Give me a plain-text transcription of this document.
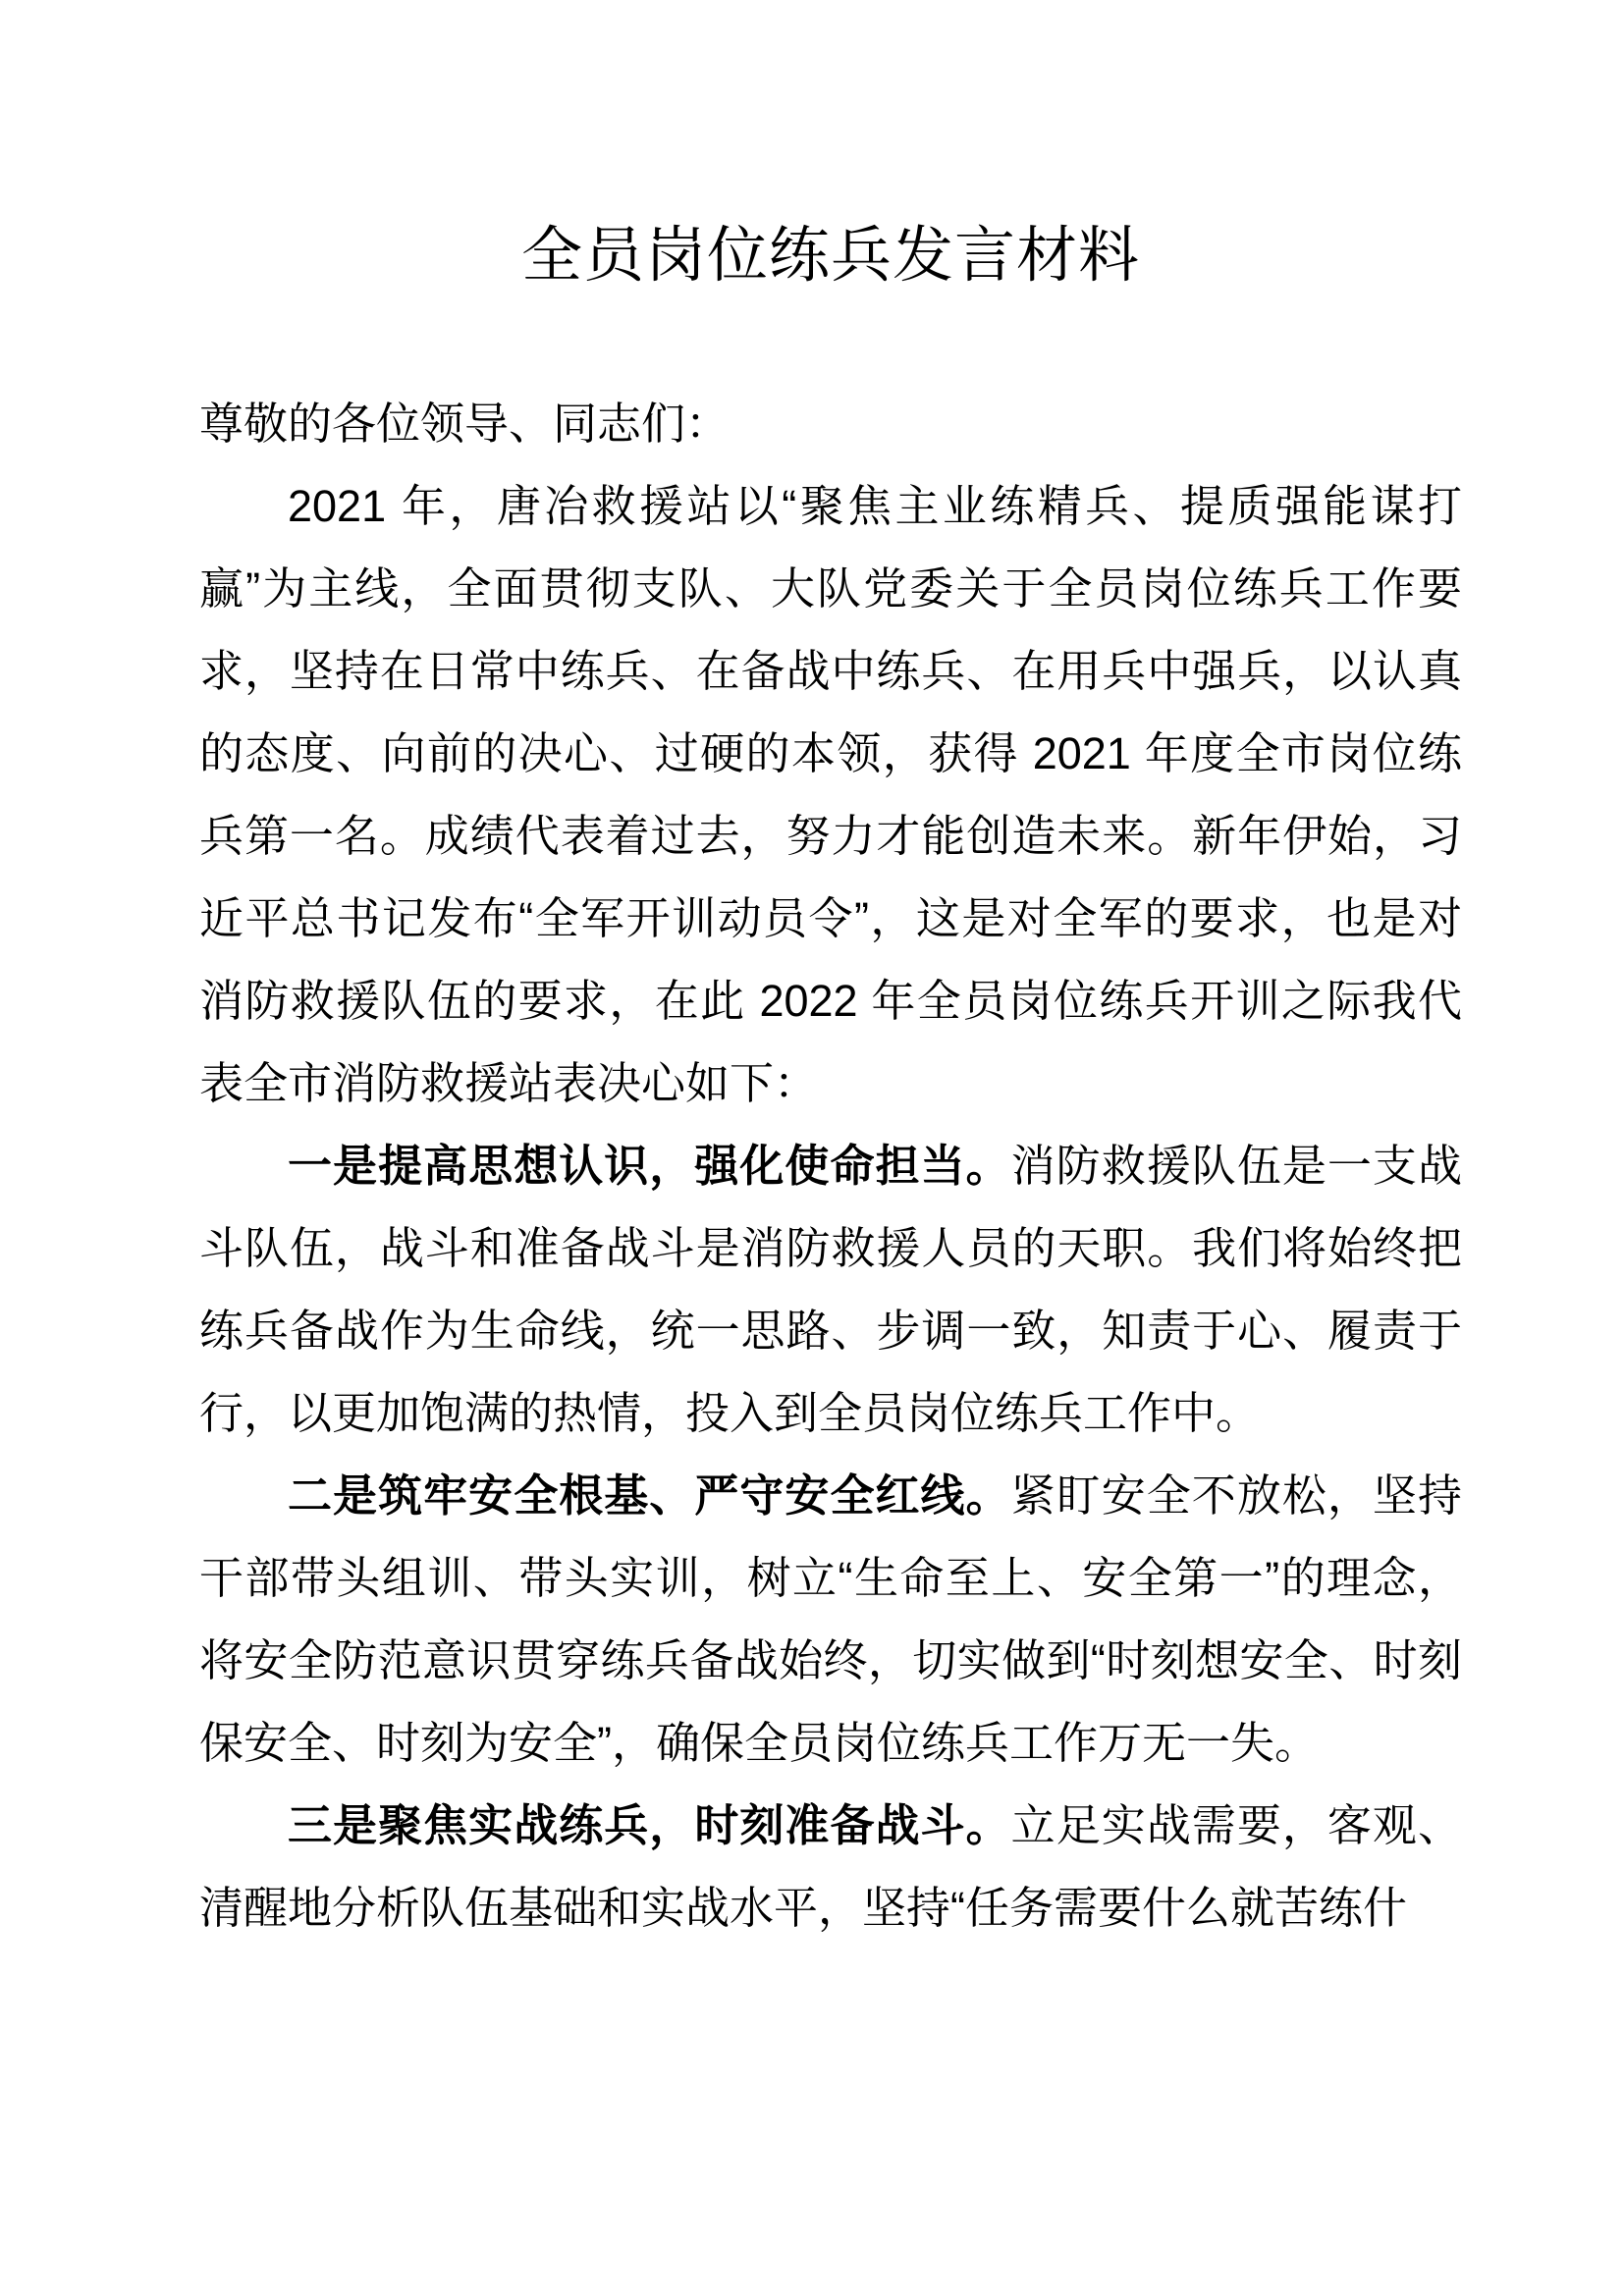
全员岗位练兵发言材料

尊敬的各位领导、同志们：

2021 年，唐冶救援站以“聚焦主业练精兵、提质强能谋打赢”为主线，全面贯彻支队、大队党委关于全员岗位练兵工作要求，坚持在日常中练兵、在备战中练兵、在用兵中强兵，以认真的态度、向前的决心、过硬的本领，获得 2021 年度全市岗位练兵第一名。成绩代表着过去，努力才能创造未来。新年伊始，习近平总书记发布“全军开训动员令”，这是对全军的要求，也是对消防救援队伍的要求，在此 2022 年全员岗位练兵开训之际我代表全市消防救援站表决心如下：

一是提高思想认识，强化使命担当。消防救援队伍是一支战斗队伍，战斗和准备战斗是消防救援人员的天职。我们将始终把练兵备战作为生命线，统一思路、步调一致，知责于心、履责于行，以更加饱满的热情，投入到全员岗位练兵工作中。

二是筑牢安全根基、严守安全红线。紧盯安全不放松，坚持干部带头组训、带头实训，树立“生命至上、安全第一”的理念，将安全防范意识贯穿练兵备战始终，切实做到“时刻想安全、时刻保安全、时刻为安全”，确保全员岗位练兵工作万无一失。

三是聚焦实战练兵，时刻准备战斗。立足实战需要，客观、清醒地分析队伍基础和实战水平，坚持“任务需要什么就苦练什
